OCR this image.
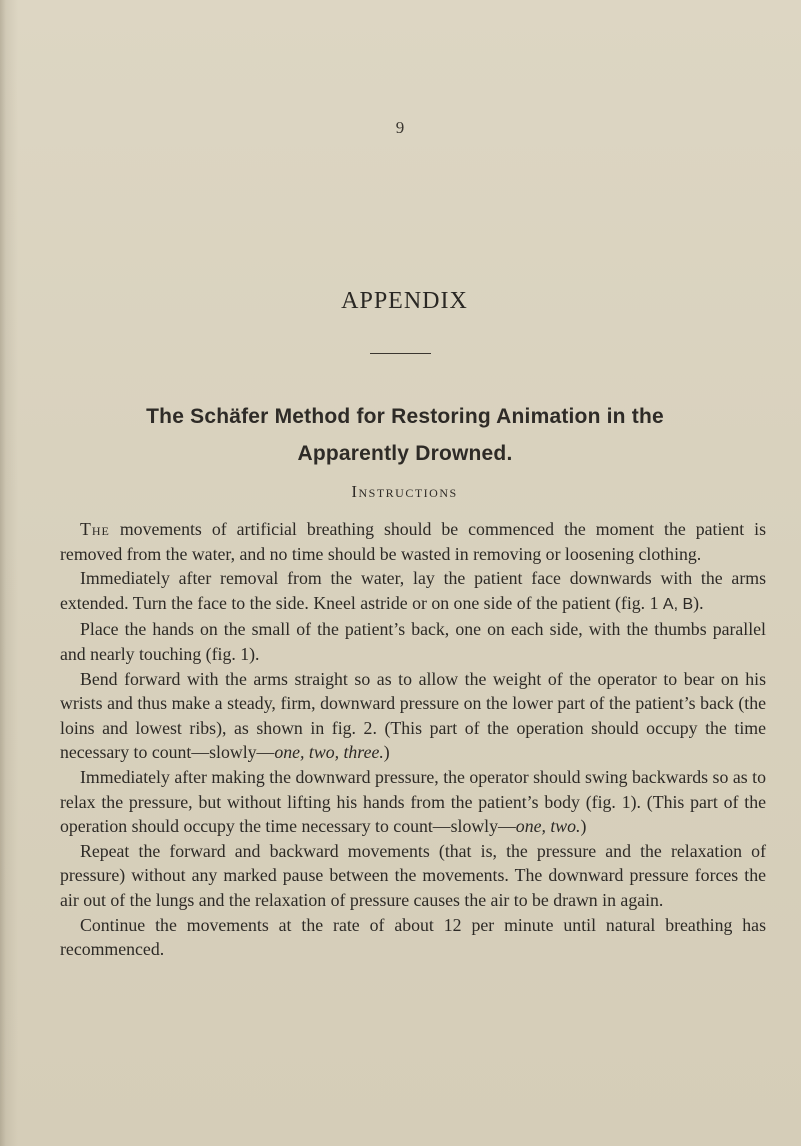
9
APPENDIX
The Schäfer Method for Restoring Animation in the
Apparently Drowned.
Instructions

The movements of artificial breathing should be commenced the moment the patient is removed from the water, and no time should be wasted in removing or loosening clothing.

Immediately after removal from the water, lay the patient face downwards with the arms extended. Turn the face to the side. Kneel astride or on one side of the patient (fig. 1 A, B).

Place the hands on the small of the patient’s back, one on each side, with the thumbs parallel and nearly touching (fig. 1).

Bend forward with the arms straight so as to allow the weight of the operator to bear on his wrists and thus make a steady, firm, downward pressure on the lower part of the patient’s back (the loins and lowest ribs), as shown in fig. 2. (This part of the operation should occupy the time necessary to count—slowly—one, two, three.)

Immediately after making the downward pressure, the operator should swing backwards so as to relax the pressure, but without lifting his hands from the patient’s body (fig. 1). (This part of the operation should occupy the time necessary to count—slowly—one, two.)

Repeat the forward and backward movements (that is, the pressure and the relaxation of pressure) without any marked pause between the movements. The downward pressure forces the air out of the lungs and the relaxation of pressure causes the air to be drawn in again.

Continue the movements at the rate of about 12 per minute until natural breathing has recommenced.
